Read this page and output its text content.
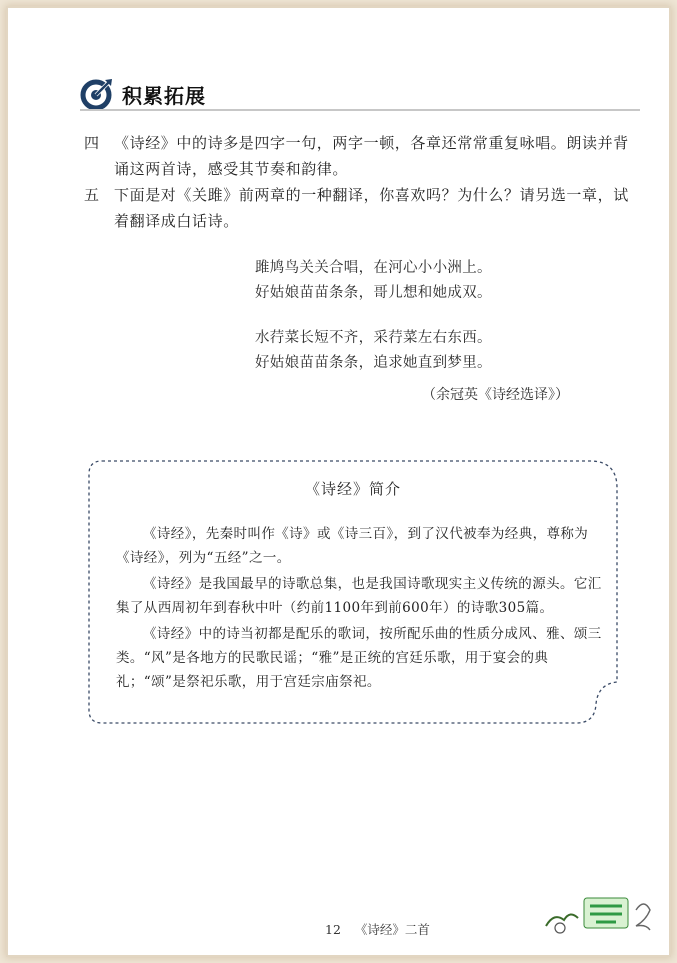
积累拓展
四 《诗经》中的诗多是四字一句，两字一顿，各章还常常重复咏唱。朗读并背诵这两首诗，感受其节奏和韵律。
五 下面是对《关雎》前两章的一种翻译，你喜欢吗？为什么？请另选一章，试着翻译成白话诗。
雎鸠鸟关关合唱，在河心小小洲上。
好姑娘苗苗条条，哥儿想和她成双。
水荇菜长短不齐，采荇菜左右东西。
好姑娘苗苗条条，追求她直到梦里。
（余冠英《诗经选译》）
《诗经》简介
《诗经》，先秦时叫作《诗》或《诗三百》，到了汉代被奉为经典，尊称为《诗经》，列为“五经”之一。
《诗经》是我国最早的诗歌总集，也是我国诗歌现实主义传统的源头。它汇集了从西周初年到春秋中叶（约前1100年到前600年）的诗歌305篇。
《诗经》中的诗当初都是配乐的歌词，按所配乐曲的性质分成风、雅、颂三类。“风”是各地方的民歌民谣；“雅”是正统的宫廷乐歌，用于宴会的典礼；“颂”是祭祀乐歌，用于宫廷宗庙祭祀。
12 《诗经》二首
